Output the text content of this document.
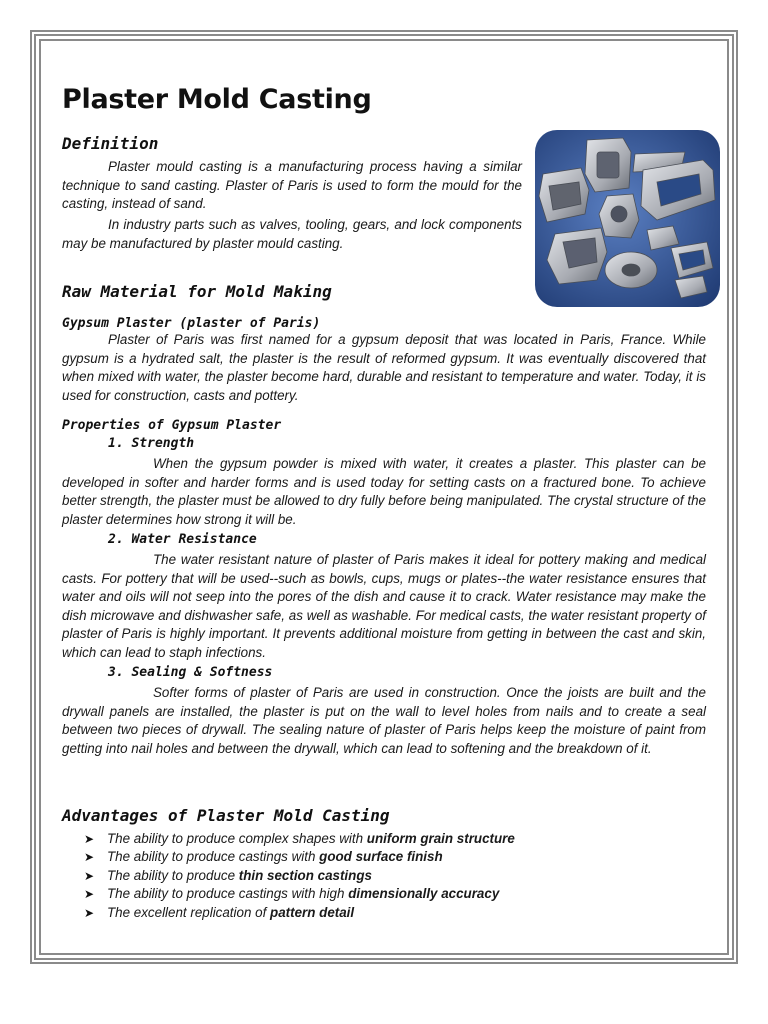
Plaster Mold Casting
Definition

Plaster mould casting is a manufacturing process having a similar technique to sand casting. Plaster of Paris is used to form the mould for the casting, instead of sand.

In industry parts such as valves, tooling, gears, and lock components may be manufactured by plaster mould casting.

Raw Material for Mold Making
Gypsum Plaster (plaster of Paris)

Plaster of Paris was first named for a gypsum deposit that was located in Paris, France. While gypsum is a hydrated salt, the plaster is the result of reformed gypsum. It was eventually discovered that when mixed with water, the plaster become hard, durable and resistant to temperature and water. Today, it is used for construction, casts and pottery.

Properties of Gypsum Plaster
1. Strength

When the gypsum powder is mixed with water, it creates a plaster. This plaster can be developed in softer and harder forms and is used today for setting casts on a fractured bone. To achieve better strength, the plaster must be allowed to dry fully before being manipulated. The crystal structure of the plaster determines how strong it will be.

2. Water Resistance

The water resistant nature of plaster of Paris makes it ideal for pottery making and medical casts. For pottery that will be used--such as bowls, cups, mugs or plates--the water resistance ensures that water and oils will not seep into the pores of the dish and cause it to crack. Water resistance may make the dish microwave and dishwasher safe, as well as washable. For medical casts, the water resistant property of plaster of Paris is highly important. It prevents additional moisture from getting in between the cast and skin, which can lead to staph infections.

3. Sealing & Softness

Softer forms of plaster of Paris are used in construction. Once the joists are built and the drywall panels are installed, the plaster is put on the wall to level holes from nails and to create a seal between two pieces of drywall. The sealing nature of plaster of Paris helps keep the moisture of paint from getting into nail holes and between the drywall, which can lead to softening and the breakdown of it.

Advantages of Plaster Mold Casting
➤ The ability to produce complex shapes with
uniform grain structure
➤ The ability to produce castings with
good surface finish
➤ The ability to produce
thin section castings
➤ The ability to produce castings with high
dimensionally accuracy
➤ The excellent replication of
pattern detail
